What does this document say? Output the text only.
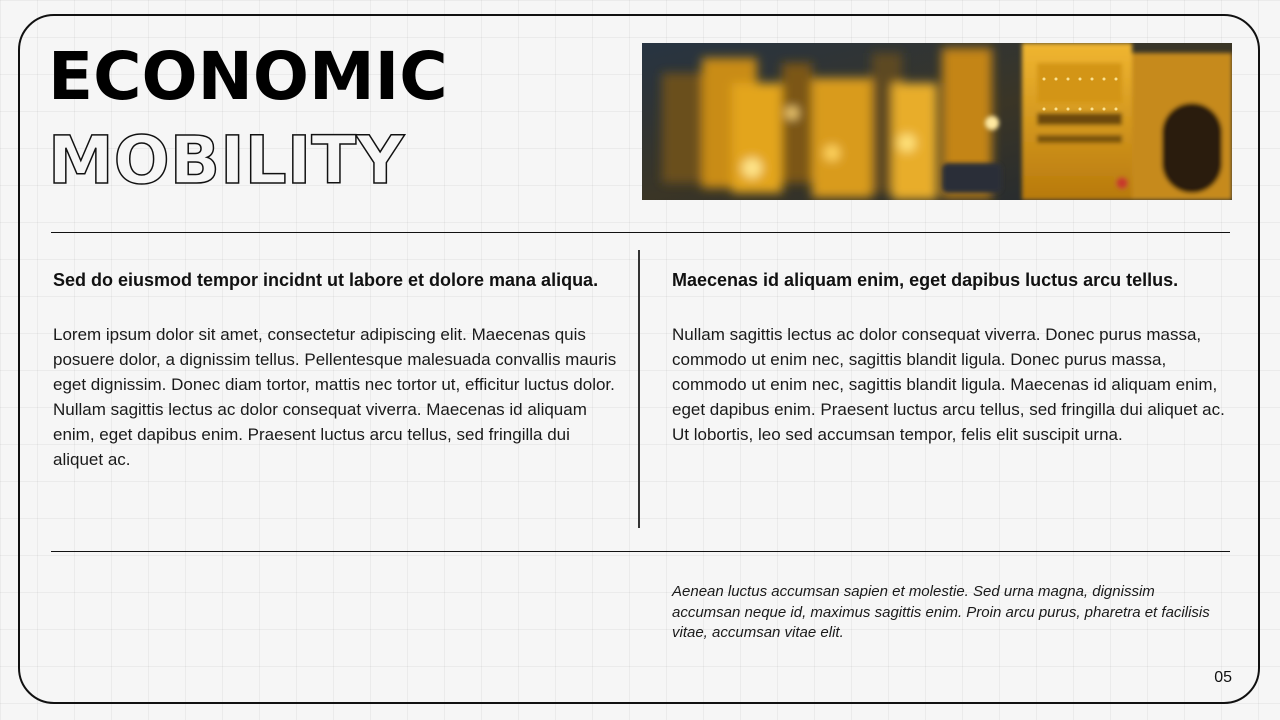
ECONOMIC
MOBILITY

Sed do eiusmod tempor incidnt ut labore et dolore mana aliqua.

Lorem ipsum dolor sit amet, consectetur adipiscing elit. Maecenas quis posuere dolor, a dignissim tellus. Pellentesque malesuada convallis mauris eget dignissim. Donec diam tortor, mattis nec tortor ut, efficitur luctus dolor. Nullam sagittis lectus ac dolor consequat viverra. Maecenas id aliquam enim, eget dapibus enim. Praesent luctus arcu tellus, sed fringilla dui aliquet ac.

Maecenas id aliquam enim, eget dapibus luctus arcu tellus.

Nullam sagittis lectus ac dolor consequat viverra. Donec purus massa, commodo ut enim nec, sagittis blandit ligula. Donec purus massa, commodo ut enim nec, sagittis blandit ligula. Maecenas id aliquam enim, eget dapibus enim. Praesent luctus arcu tellus, sed fringilla dui aliquet ac. Ut lobortis, leo sed accumsan tempor, felis elit suscipit urna.

Aenean luctus accumsan sapien et molestie. Sed urna magna, dignissim accumsan neque id, maximus sagittis enim. Proin arcu purus, pharetra et facilisis vitae, accumsan vitae elit.

05
